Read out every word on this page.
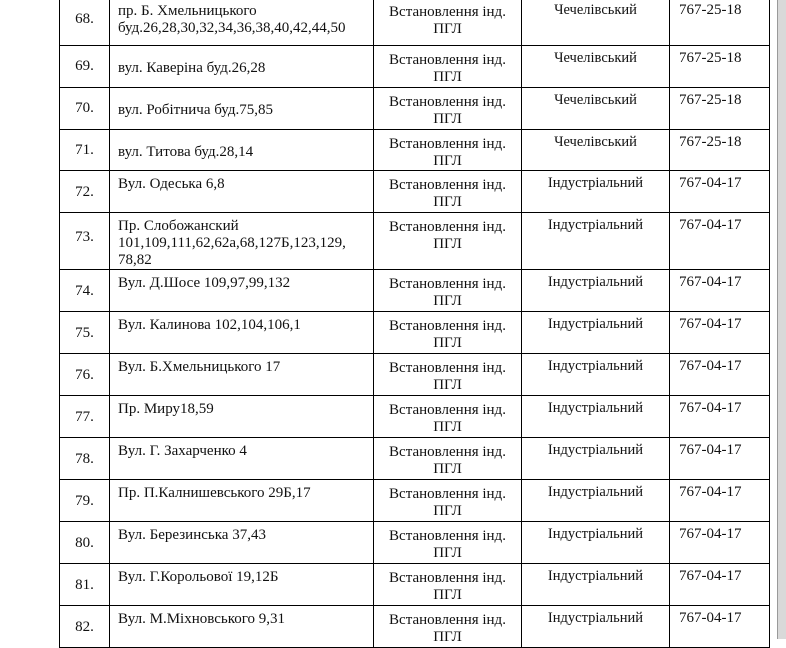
68.	пр. Б. Хмельницького буд.26,28,30,32,34,36,38,40,42,44,50	Встановлення інд. ПГЛ	Чечелівський	767-25-18
69.	вул. Каверіна буд.26,28	Встановлення інд. ПГЛ	Чечелівський	767-25-18
70.	вул. Робітнича буд.75,85	Встановлення інд. ПГЛ	Чечелівський	767-25-18
71.	вул. Титова буд.28,14	Встановлення інд. ПГЛ	Чечелівський	767-25-18
72.	Вул. Одеська 6,8	Встановлення інд. ПГЛ	Індустріальний	767-04-17
73.	Пр. Слобожанский 101,109,111,62,62а,68,127Б,123,129, 78,82	Встановлення інд. ПГЛ	Індустріальний	767-04-17
74.	Вул. Д.Шосе 109,97,99,132	Встановлення інд. ПГЛ	Індустріальний	767-04-17
75.	Вул. Калинова 102,104,106,1	Встановлення інд. ПГЛ	Індустріальний	767-04-17
76.	Вул. Б.Хмельницького 17	Встановлення інд. ПГЛ	Індустріальний	767-04-17
77.	Пр. Миру18,59	Встановлення інд. ПГЛ	Індустріальний	767-04-17
78.	Вул. Г. Захарченко 4	Встановлення інд. ПГЛ	Індустріальний	767-04-17
79.	Пр. П.Калнишевського 29Б,17	Встановлення інд. ПГЛ	Індустріальний	767-04-17
80.	Вул. Березинська 37,43	Встановлення інд. ПГЛ	Індустріальний	767-04-17
81.	Вул. Г.Корольової 19,12Б	Встановлення інд. ПГЛ	Індустріальний	767-04-17
82.	Вул. М.Міхновського 9,31	Встановлення інд. ПГЛ	Індустріальний	767-04-17
